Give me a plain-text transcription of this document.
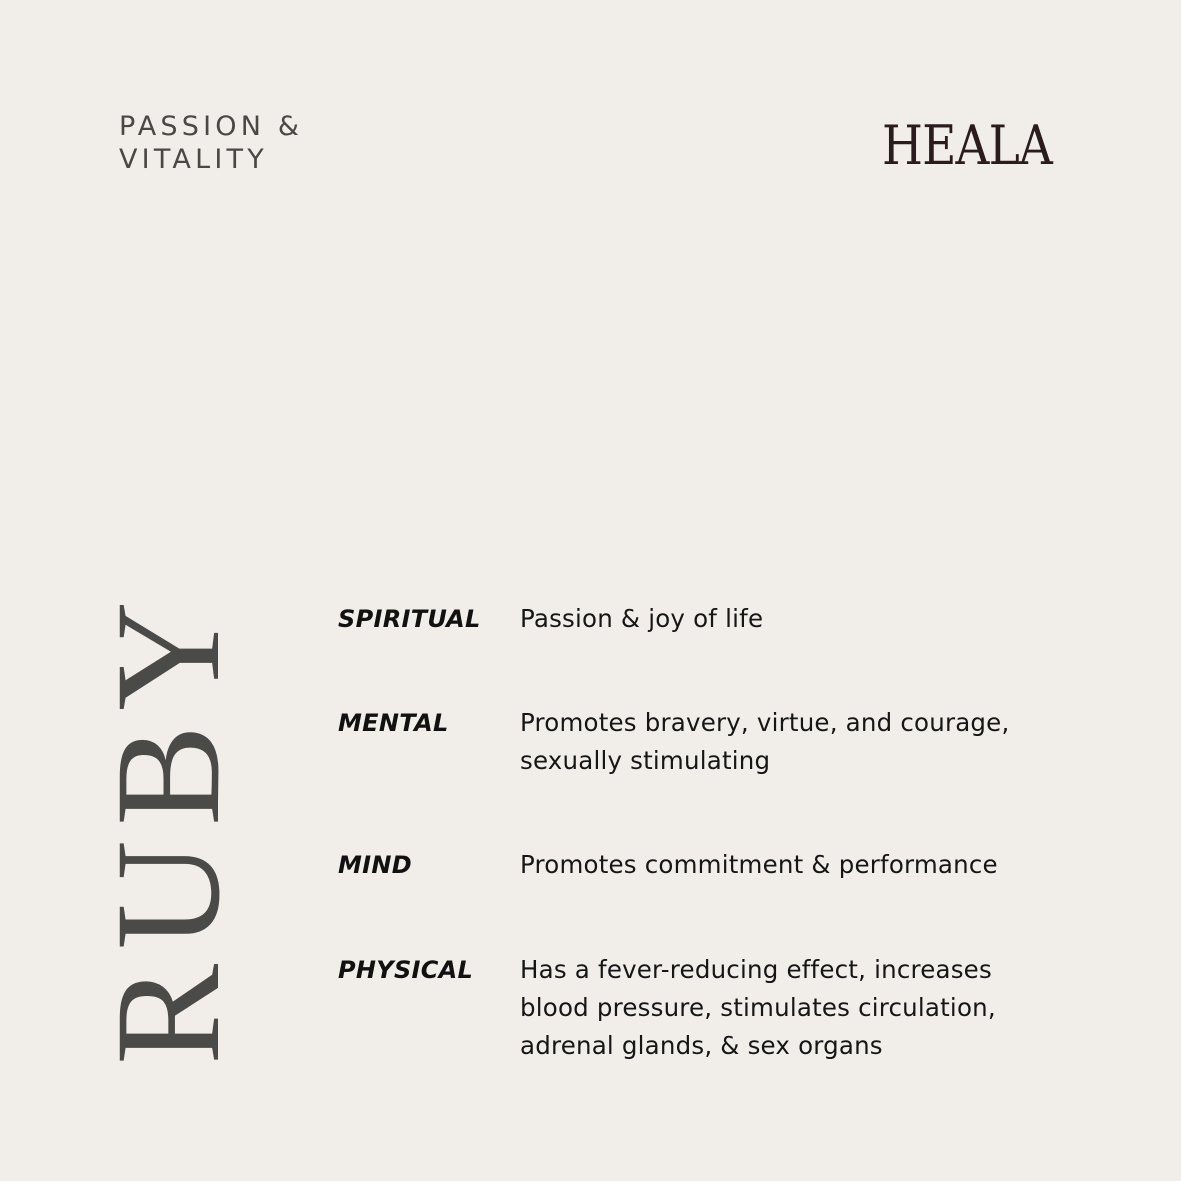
PASSION &
VITALITY	HEALA
RUBY	SPIRITUAL Passion & joy of life

MENTAL	Promotes bravery, virtue, and courage,
sexually stimulating

MIND	Promotes commitment & performance

PHYSICAL Has a fever-reducing effect, increases
blood pressure, stimulates circulation,
adrenal glands, & sex organs
